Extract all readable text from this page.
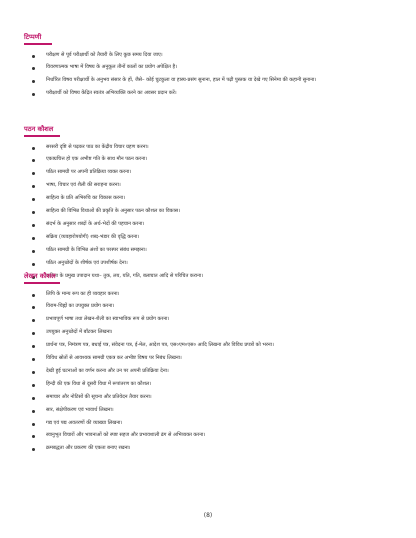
टिप्पणी
परीक्षण से पूर्व परीक्षार्थी को तैयारी के लिए कुछ समय दिया जाए।
विवरणात्मक भाषा में विषय के अनुकूल तीनों कालों का प्रयोग अपेक्षित है।
निर्धारित विषय परीक्षार्थी के अनुभव संसार के हों, जैसे– कोई चुटकुला या हास्य-प्रसंग सुनाना, हाल में पढ़ी पुस्तक या देखे गए सिनेमा की कहानी सुनाना।
परीक्षार्थी को विषय केंद्रित स्वतंत्र अभिव्यक्ति करने का अवसर प्रदान करें।
पठन कौशल
सरसरी दृष्टि से पढ़कर पाठ का केंद्रीय विचार ग्रहण करना।
एकाग्रचित्त हो एक अभीष्ट गति के साथ मौन पठन करना।
पठित सामग्री पर अपनी प्रतिक्रिया व्यक्त करना।
भाषा, विचार एवं शैली की सराहना करना।
साहित्य के प्रति अभिरुचि का विकास करना।
साहित्य की विभिन्न विधाओं की प्रकृति के अनुसार पठन कौशल का विकास।
संदर्भ के अनुसार शब्दों के अर्थ-भेदों की पहचान करना।
सक्रिय (व्यवहारोपयोगी) शब्द-भंडार की वृद्धि करना।
पठित सामग्री के विभिन्न अंशों का परस्पर संबंध समझना।
पठित अनुच्छेदों के शीर्षक एवं उपशीर्षक देना।
कविता के प्रमुख उपादान यथा– तुक, लय, यति, गति, बलाघात आदि से परिचित कराना।
लेखन कौशल
लिपि के मान्य रूप का ही व्यवहार करना।
विराम-चिह्नों का उपयुक्त प्रयोग करना।
प्रभावपूर्ण भाषा तथा लेखन-शैली का स्वाभाविक रूप से प्रयोग करना।
उपयुक्त अनुच्छेदों में बाँटकर लिखना।
प्रार्थना पत्र, निमंत्रण पत्र, बधाई पत्र, संवेदना पत्र, ई-मेल, आदेश पत्र, एस०एम०एस० आदि लिखना और विविध प्रपत्रों को भरना।
विविध स्रोतों से आवश्यक सामग्री एकत्र कर अभीष्ट विषय पर निबंध लिखना।
देखी हुई घटनाओं का वर्णन करना और उन पर अपनी प्रतिक्रिया देना।
हिन्दी की एक विधा से दूसरी विधा में रूपांतरण का कौशल।
समाचार और नोटिसों की सूचना और प्रतिवेदन तैयार करना।
सार, संक्षेपीकरण एवं भावार्थ लिखना।
गद्य एवं पद्य अवतरणों की व्याख्या लिखना।
स्वानुभूत विचारों और भावनाओं को स्पष्ट सहज और प्रभावशाली ढंग से अभिव्यक्त करना।
क्रमबद्धता और प्रकरण की एकता बनाए रखना।
(8)
